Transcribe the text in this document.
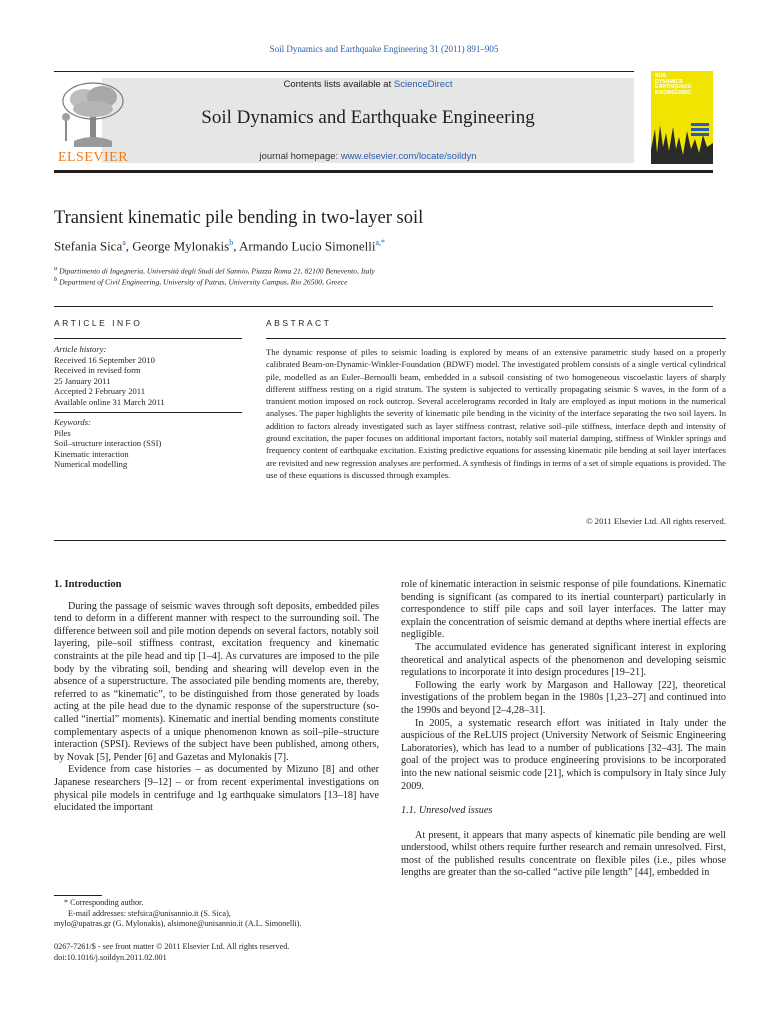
Soil Dynamics and Earthquake Engineering 31 (2011) 891–905
Contents lists available at ScienceDirect
Soil Dynamics and Earthquake Engineering
journal homepage: www.elsevier.com/locate/soildyn
ELSEVIER
SOIL
DYNAMICS
EARTHQUAKE
ENGINEERING
Transient kinematic pile bending in two-layer soil
Stefania Sica$^a$, George Mylonakis$^b$, Armando Lucio Simonelli$^{a,*}$
$^a$ Dipartimento di Ingegneria, Università degli Studi del Sannio, Piazza Roma 21, 82100 Benevento, Italy
$^b$ Department of Civil Engineering, University of Patras, University Campus, Rio 26500, Greece
ARTICLE INFO	ABSTRACT
Article history:
Received 16 September 2010
Received in revised form
25 January 2011
Accepted 2 February 2011
Available online 31 March 2011
Keywords:
Piles
Soil–structure interaction (SSI)
Kinematic interaction
Numerical modelling
The dynamic response of piles to seismic loading is explored by means of an extensive parametric study based on a properly calibrated Beam-on-Dynamic-Winkler-Foundation (BDWF) model. The investigated problem consists of a single vertical cylindrical pile, modelled as an Euler–Bernoulli beam, embedded in a subsoil consisting of two homogeneous viscoelastic layers of sharply different stiffness resting on a rigid stratum. The system is subjected to vertically propagating seismic S waves, in the form of a transient motion imposed on rock outcrop. Several accelerograms recorded in Italy are employed as input motions in the numerical analyses. The paper highlights the severity of kinematic pile bending in the vicinity of the interface separating the two soil layers. In addition to factors already investigated such as layer stiffness contrast, relative soil–pile stiffness, interface depth and intensity of ground excitation, the paper focuses on additional important factors, notably soil material damping, stiffness of Winkler springs and frequency content of earthquake excitation. Existing predictive equations for assessing kinematic pile bending at soil layer interfaces are revisited and new regression analyses are performed. A synthesis of findings in terms of a set of simple equations is provided. The use of these equations is discussed through examples.
© 2011 Elsevier Ltd. All rights reserved.
1. Introduction

During the passage of seismic waves through soft deposits, embedded piles tend to deform in a different manner with respect to the surrounding soil. The difference between soil and pile motion depends on several factors, notably soil layering, pile–soil stiffness contrast, excitation frequency and kinematic constraints at the pile head and tip [1–4]. As curvatures are imposed to the pile body by the vibrating soil, bending and shearing will develop even in the absence of a superstructure. The associated pile bending moments are, thereby, referred to as “kinematic”, to be distinguished from those generated by loads acting at the pile head due to the dynamic response of the superstructure (so-called “inertial” moments). Kinematic and inertial bending moments constitute complementary aspects of a unique phenomenon known as soil–pile–structure interaction (SPSI). Reviews of the subject have been published, among others, by Novak [5], Pender [6] and Gazetas and Mylonakis [7].

Evidence from case histories – as documented by Mizuno [8] and other Japanese researchers [9–12] – or from recent experimental investigations on physical pile models in centrifuge and 1g earthquake simulators [13–18] have elucidated the important

role of kinematic interaction in seismic response of pile foundations. Kinematic bending is significant (as compared to its inertial counterpart) particularly in correspondence to stiff pile caps and soil layer interfaces. The latter may explain the concentration of seismic demand at depths where inertial effects are negligible.

The accumulated evidence has generated significant interest in exploring theoretical and analytical aspects of the phenomenon and developing seismic regulations to incorporate it into design procedures [19–21].

Following the early work by Margason and Halloway [22], theoretical investigations of the problem began in the 1980s [1,23–27] and continued into the 1990s and beyond [2–4,28–31].

In 2005, a systematic research effort was initiated in Italy under the auspicious of the ReLUIS project (University Network of Seismic Engineering Laboratories), which has lead to a number of publications [32–43]. The main goal of the project was to produce engineering provisions to be incorporated into the new national seismic code [21], which is compulsory in Italy since July 2009.

1.1. Unresolved issues

At present, it appears that many aspects of kinematic pile bending are well understood, whilst others require further research and remain unresolved. First, most of the published results concentrate on flexible piles (i.e., piles whose lengths are greater than the so-called “active pile length” [44], embedded in

* Corresponding author.
E-mail addresses: stefsica@unisannio.it (S. Sica),
mylo@upatras.gr (G. Mylonakis), alsimone@unisannio.it (A.L. Simonelli).
0267-7261/$ - see front matter © 2011 Elsevier Ltd. All rights reserved.
doi:10.1016/j.soildyn.2011.02.001
